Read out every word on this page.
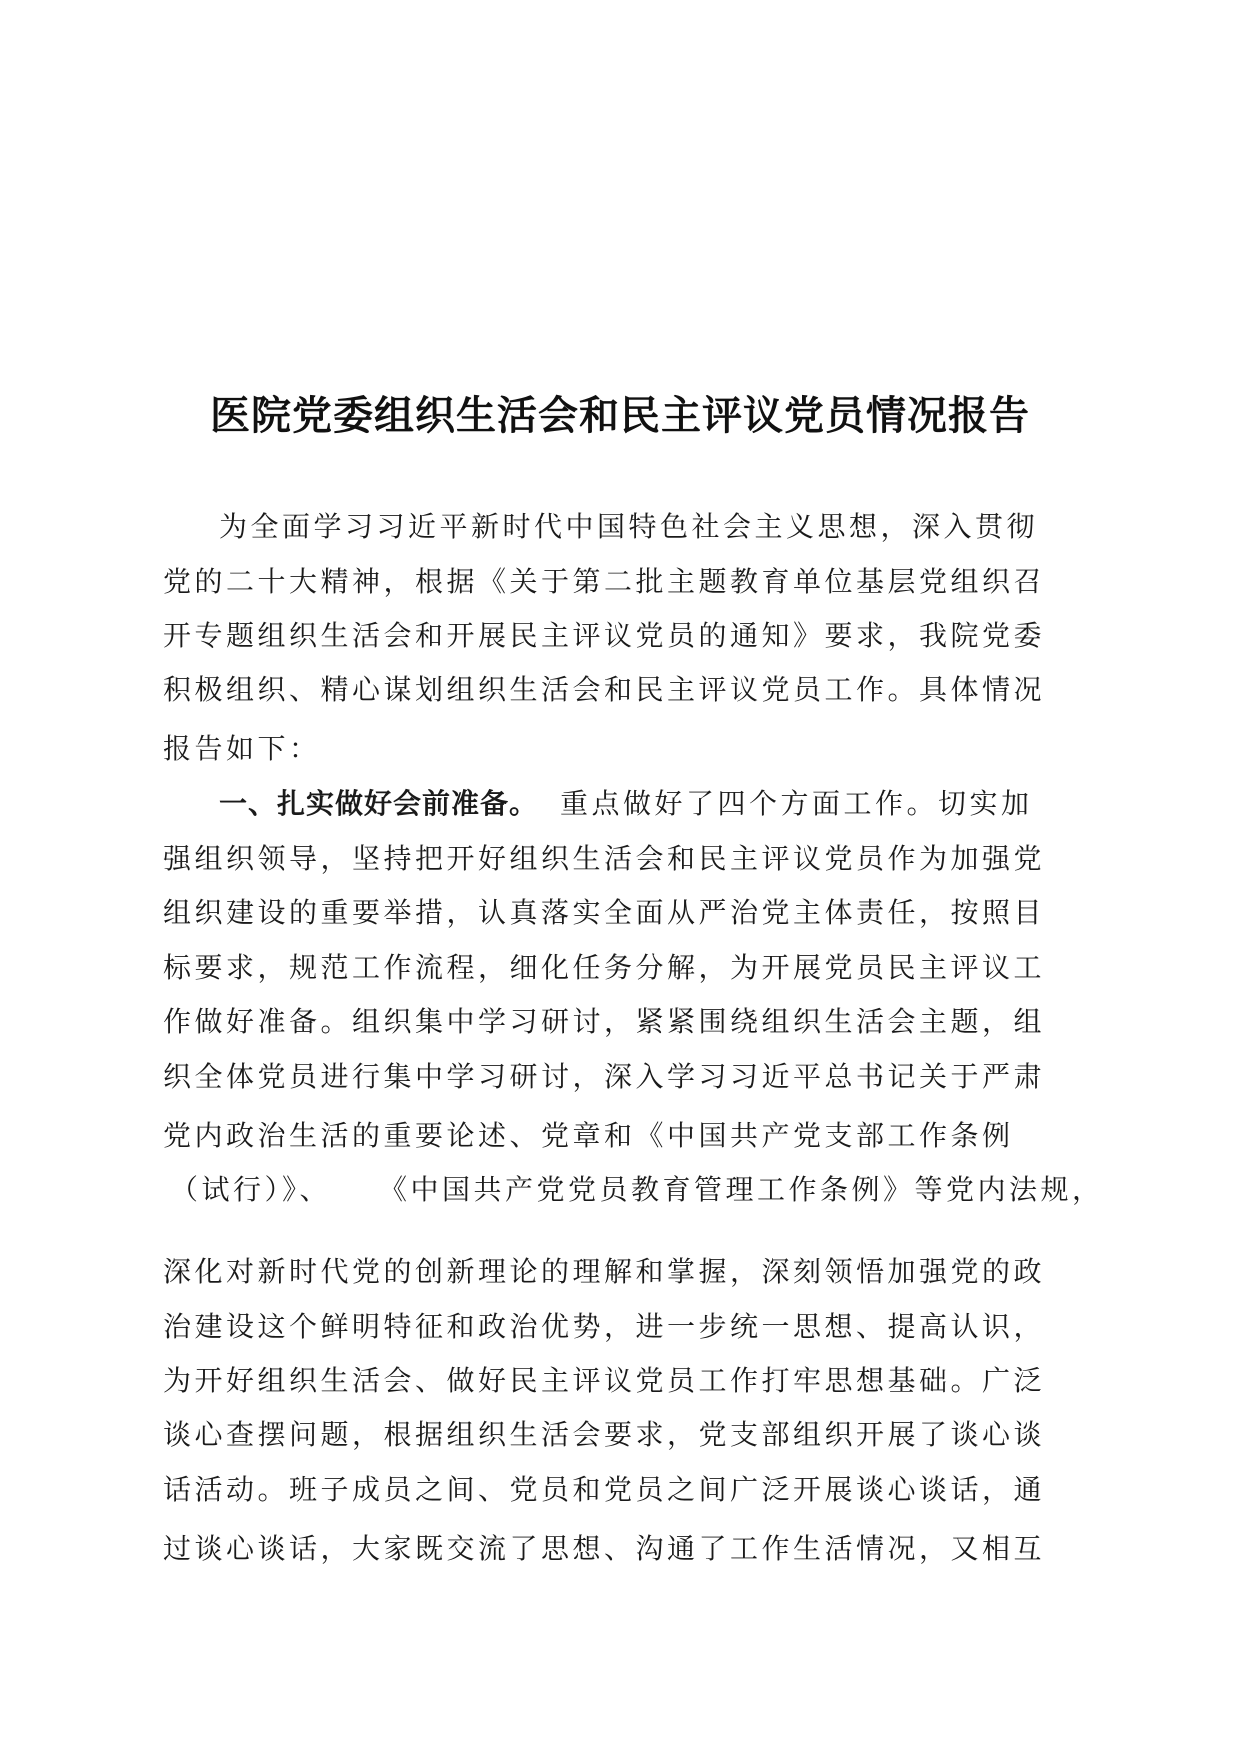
医院党委组织生活会和民主评议党员情况报告
为全面学习习近平新时代中国特色社会主义思想，深入贯彻
党的二十大精神，根据《关于第二批主题教育单位基层党组织召
开专题组织生活会和开展民主评议党员的通知》要求，我院党委
积极组织、精心谋划组织生活会和民主评议党员工作。具体情况
报告如下：
一、扎实做好会前准备。 重点做好了四个方面工作。切实加
强组织领导，坚持把开好组织生活会和民主评议党员作为加强党
组织建设的重要举措，认真落实全面从严治党主体责任，按照目
标要求，规范工作流程，细化任务分解，为开展党员民主评议工
作做好准备。组织集中学习研讨，紧紧围绕组织生活会主题，组
织全体党员进行集中学习研讨，深入学习习近平总书记关于严肃
党内政治生活的重要论述、党章和《中国共产党支部工作条例
（试行）》、 《中国共产党党员教育管理工作条例》等党内法规，
深化对新时代党的创新理论的理解和掌握，深刻领悟加强党的政
治建设这个鲜明特征和政治优势，进一步统一思想、提高认识，
为开好组织生活会、做好民主评议党员工作打牢思想基础。广泛
谈心查摆问题，根据组织生活会要求，党支部组织开展了谈心谈
话活动。班子成员之间、党员和党员之间广泛开展谈心谈话，通
过谈心谈话，大家既交流了思想、沟通了工作生活情况，又相互
